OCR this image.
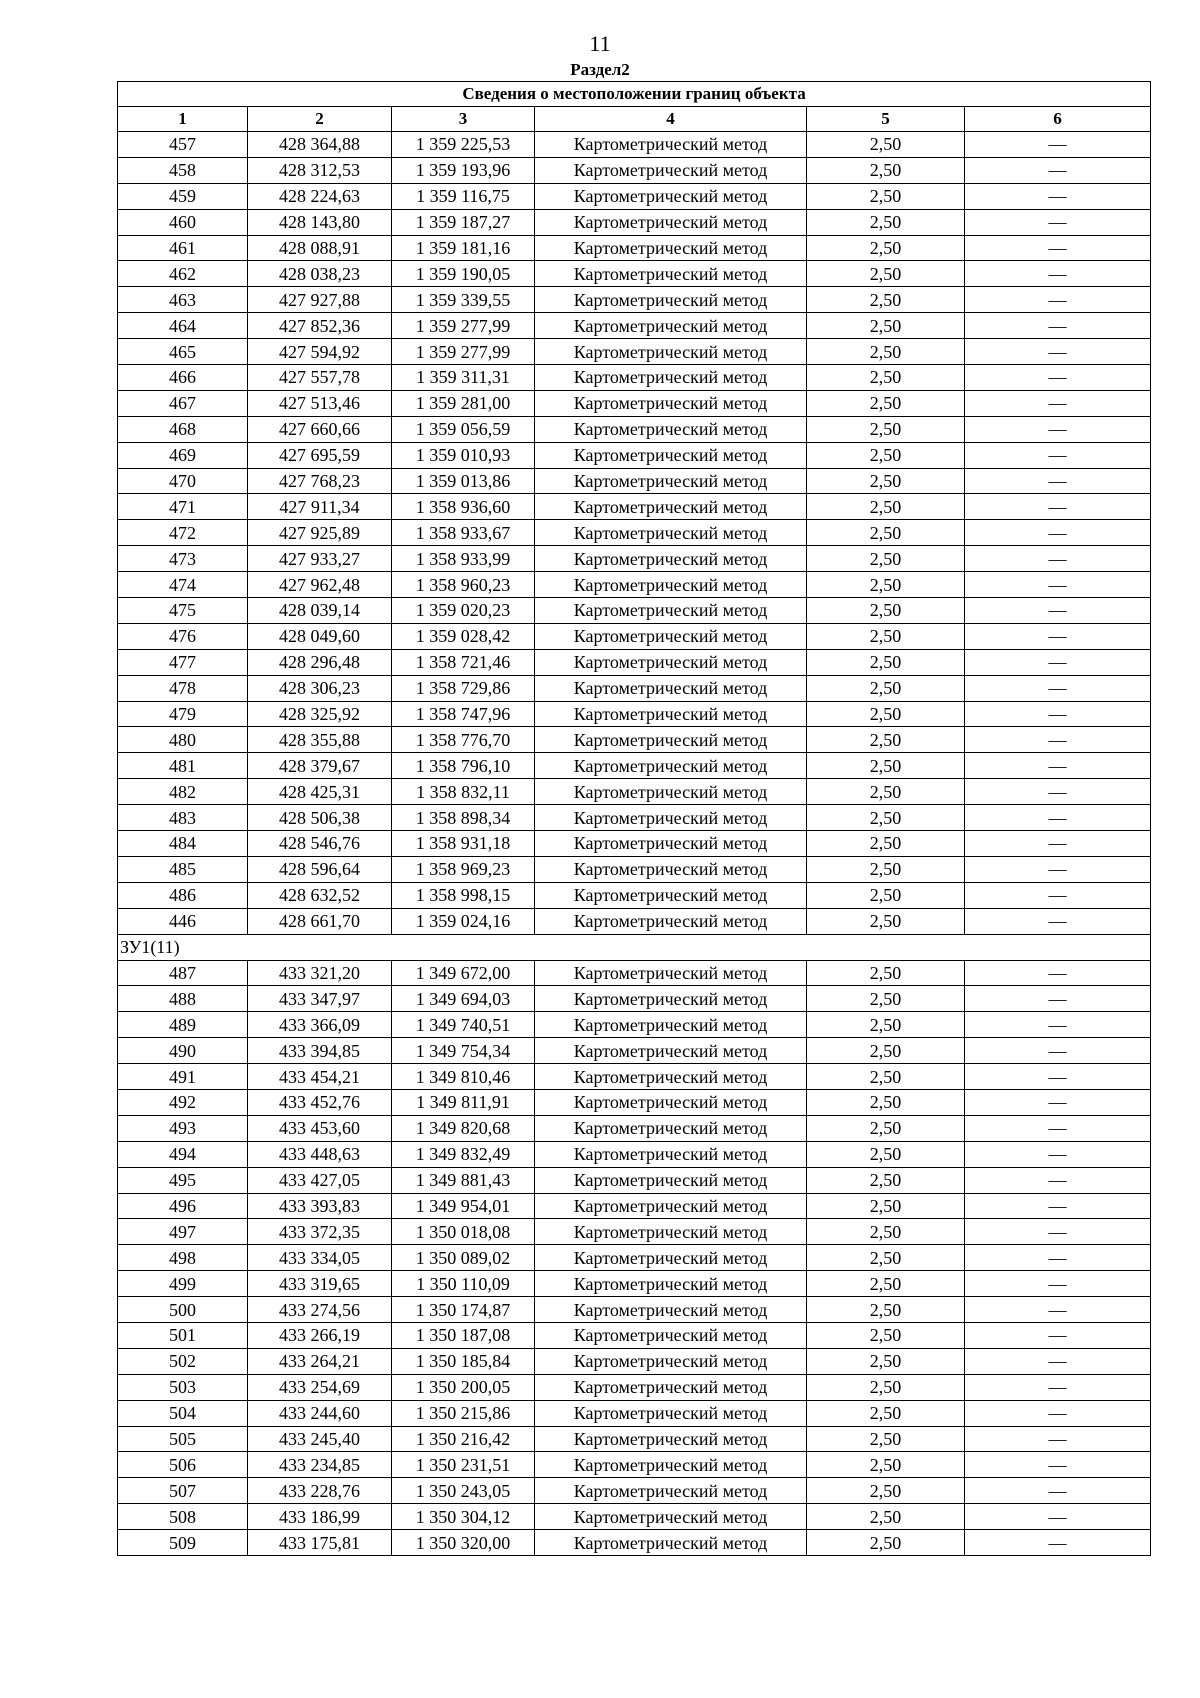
11
Раздел2
Сведения о местоположении границ объекта					
1	2	3	4	5	6
457	428 364,88	1 359 225,53	Картометрический метод	2,50	—
458	428 312,53	1 359 193,96	Картометрический метод	2,50	—
459	428 224,63	1 359 116,75	Картометрический метод	2,50	—
460	428 143,80	1 359 187,27	Картометрический метод	2,50	—
461	428 088,91	1 359 181,16	Картометрический метод	2,50	—
462	428 038,23	1 359 190,05	Картометрический метод	2,50	—
463	427 927,88	1 359 339,55	Картометрический метод	2,50	—
464	427 852,36	1 359 277,99	Картометрический метод	2,50	—
465	427 594,92	1 359 277,99	Картометрический метод	2,50	—
466	427 557,78	1 359 311,31	Картометрический метод	2,50	—
467	427 513,46	1 359 281,00	Картометрический метод	2,50	—
468	427 660,66	1 359 056,59	Картометрический метод	2,50	—
469	427 695,59	1 359 010,93	Картометрический метод	2,50	—
470	427 768,23	1 359 013,86	Картометрический метод	2,50	—
471	427 911,34	1 358 936,60	Картометрический метод	2,50	—
472	427 925,89	1 358 933,67	Картометрический метод	2,50	—
473	427 933,27	1 358 933,99	Картометрический метод	2,50	—
474	427 962,48	1 358 960,23	Картометрический метод	2,50	—
475	428 039,14	1 359 020,23	Картометрический метод	2,50	—
476	428 049,60	1 359 028,42	Картометрический метод	2,50	—
477	428 296,48	1 358 721,46	Картометрический метод	2,50	—
478	428 306,23	1 358 729,86	Картометрический метод	2,50	—
479	428 325,92	1 358 747,96	Картометрический метод	2,50	—
480	428 355,88	1 358 776,70	Картометрический метод	2,50	—
481	428 379,67	1 358 796,10	Картометрический метод	2,50	—
482	428 425,31	1 358 832,11	Картометрический метод	2,50	—
483	428 506,38	1 358 898,34	Картометрический метод	2,50	—
484	428 546,76	1 358 931,18	Картометрический метод	2,50	—
485	428 596,64	1 358 969,23	Картометрический метод	2,50	—
486	428 632,52	1 358 998,15	Картометрический метод	2,50	—
446	428 661,70	1 359 024,16	Картометрический метод	2,50	—
ЗУ1(11)					
487	433 321,20	1 349 672,00	Картометрический метод	2,50	—
488	433 347,97	1 349 694,03	Картометрический метод	2,50	—
489	433 366,09	1 349 740,51	Картометрический метод	2,50	—
490	433 394,85	1 349 754,34	Картометрический метод	2,50	—
491	433 454,21	1 349 810,46	Картометрический метод	2,50	—
492	433 452,76	1 349 811,91	Картометрический метод	2,50	—
493	433 453,60	1 349 820,68	Картометрический метод	2,50	—
494	433 448,63	1 349 832,49	Картометрический метод	2,50	—
495	433 427,05	1 349 881,43	Картометрический метод	2,50	—
496	433 393,83	1 349 954,01	Картометрический метод	2,50	—
497	433 372,35	1 350 018,08	Картометрический метод	2,50	—
498	433 334,05	1 350 089,02	Картометрический метод	2,50	—
499	433 319,65	1 350 110,09	Картометрический метод	2,50	—
500	433 274,56	1 350 174,87	Картометрический метод	2,50	—
501	433 266,19	1 350 187,08	Картометрический метод	2,50	—
502	433 264,21	1 350 185,84	Картометрический метод	2,50	—
503	433 254,69	1 350 200,05	Картометрический метод	2,50	—
504	433 244,60	1 350 215,86	Картометрический метод	2,50	—
505	433 245,40	1 350 216,42	Картометрический метод	2,50	—
506	433 234,85	1 350 231,51	Картометрический метод	2,50	—
507	433 228,76	1 350 243,05	Картометрический метод	2,50	—
508	433 186,99	1 350 304,12	Картометрический метод	2,50	—
509	433 175,81	1 350 320,00	Картометрический метод	2,50	—
